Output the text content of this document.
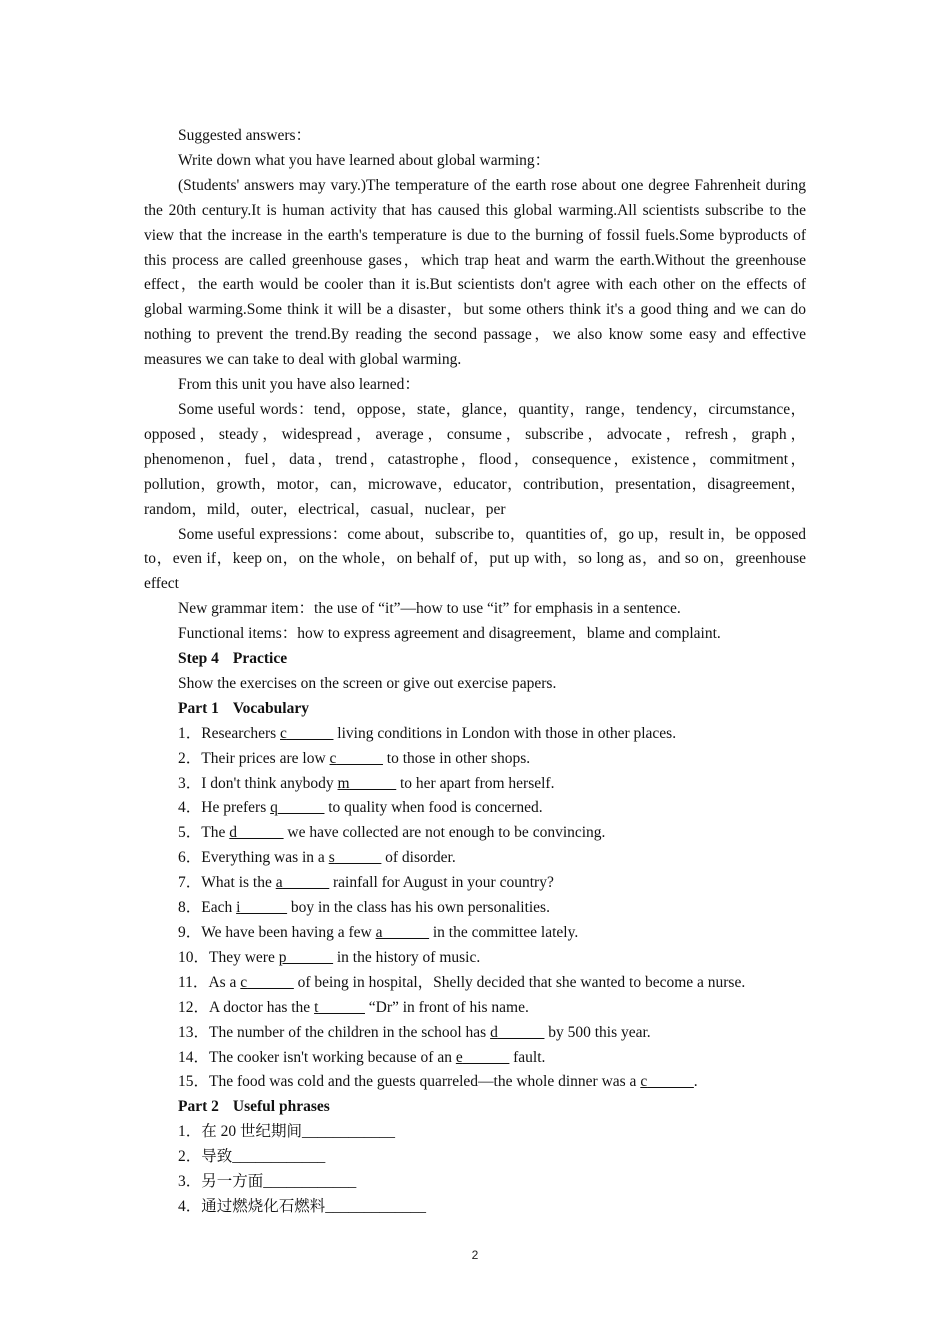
Suggested answers：

Write down what you have learned about global warming：

(Students' answers may vary.)The temperature of the earth rose about one degree Fahrenheit during the 20th century.It is human activity that has caused this global warming.All scientists subscribe to the view that the increase in the earth's temperature is due to the burning of fossil fuels.Some byproducts of this process are called greenhouse gases，which trap heat and warm the earth.Without the greenhouse effect，the earth would be cooler than it is.But scientists don't agree with each other on the effects of global warming.Some think it will be a disaster，but some others think it's a good thing and we can do nothing to prevent the trend.By reading the second passage，we also know some easy and effective measures we can take to deal with global warming.

From this unit you have also learned：

Some useful words：tend，oppose，state，glance，quantity，range，tendency，circumstance，opposed，steady，widespread，average，consume，subscribe，advocate，refresh，graph，phenomenon，fuel，data，trend，catastrophe，flood，consequence，existence，commitment，pollution，growth，motor，can，microwave，educator，contribution，presentation，disagreement，random，mild，outer，electrical，casual，nuclear，per

Some useful expressions：come about，subscribe to，quantities of，go up，result in，be opposed to，even if，keep on，on the whole，on behalf of，put up with，so long as，and so on，greenhouse effect

New grammar item：the use of “it”—how to use “it” for emphasis in a sentence.

Functional items：how to express agreement and disagreement，blame and complaint.

Step 4 Practice

Show the exercises on the screen or give out exercise papers.

Part 1 Vocabulary

1．Researchers c______ living conditions in London with those in other places.

2．Their prices are low c______ to those in other shops.

3．I don't think anybody m______ to her apart from herself.

4．He prefers q______ to quality when food is concerned.

5．The d______ we have collected are not enough to be convincing.

6．Everything was in a s______ of disorder.

7．What is the a______ rainfall for August in your country?

8．Each i______ boy in the class has his own personalities.

9．We have been having a few a______ in the committee lately.

10．They were p______ in the history of music.

11．As a c______ of being in hospital，Shelly decided that she wanted to become a nurse.

12．A doctor has the t______ “Dr” in front of his name.

13．The number of the children in the school has d______ by 500 this year.

14．The cooker isn't working because of an e______ fault.

15．The food was cold and the guests quarreled—the whole dinner was a c______.

Part 2 Useful phrases

1．在 20 世纪期间____________

2．导致____________

3．另一方面____________

4．通过燃烧化石燃料_____________

2
